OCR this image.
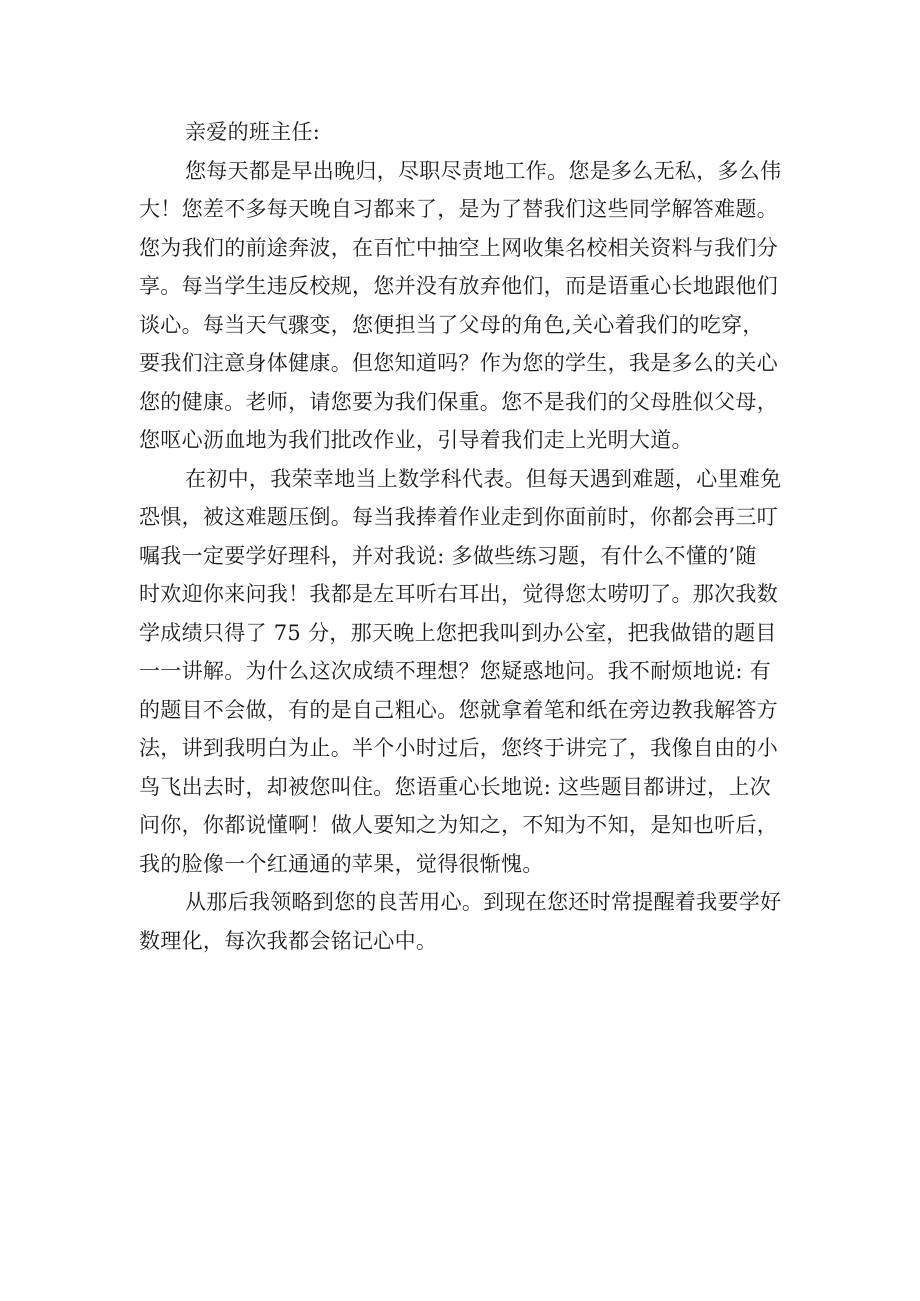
亲爱的班主任:
您每天都是早出晚归，尽职尽责地工作。您是多么无私，多么伟
大！您差不多每天晚自习都来了，是为了替我们这些同学解答难题。
您为我们的前途奔波，在百忙中抽空上网收集名校相关资料与我们分
享。每当学生违反校规，您并没有放弃他们，而是语重心长地跟他们
谈心。每当天气骤变，您便担当了父母的角色,关心着我们的吃穿，
要我们注意身体健康。但您知道吗？作为您的学生，我是多么的关心
您的健康。老师，请您要为我们保重。您不是我们的父母胜似父母，
您呕心沥血地为我们批改作业，引导着我们走上光明大道。
在初中，我荣幸地当上数学科代表。但每天遇到难题，心里难免
恐惧，被这难题压倒。每当我捧着作业走到你面前时，你都会再三叮
嘱我一定要学好理科，并对我说: 多做些练习题，有什么不懂的’随
时欢迎你来问我！我都是左耳听右耳出，觉得您太唠叨了。那次我数
学成绩只得了 75 分，那天晚上您把我叫到办公室，把我做错的题目
一一讲解。为什么这次成绩不理想？您疑惑地问。我不耐烦地说: 有
的题目不会做，有的是自己粗心。您就拿着笔和纸在旁边教我解答方
法，讲到我明白为止。半个小时过后，您终于讲完了，我像自由的小
鸟飞出去时，却被您叫住。您语重心长地说: 这些题目都讲过，上次
问你，你都说懂啊！做人要知之为知之，不知为不知，是知也听后，
我的脸像一个红通通的苹果，觉得很惭愧。
从那后我领略到您的良苦用心。到现在您还时常提醒着我要学好
数理化，每次我都会铭记心中。
